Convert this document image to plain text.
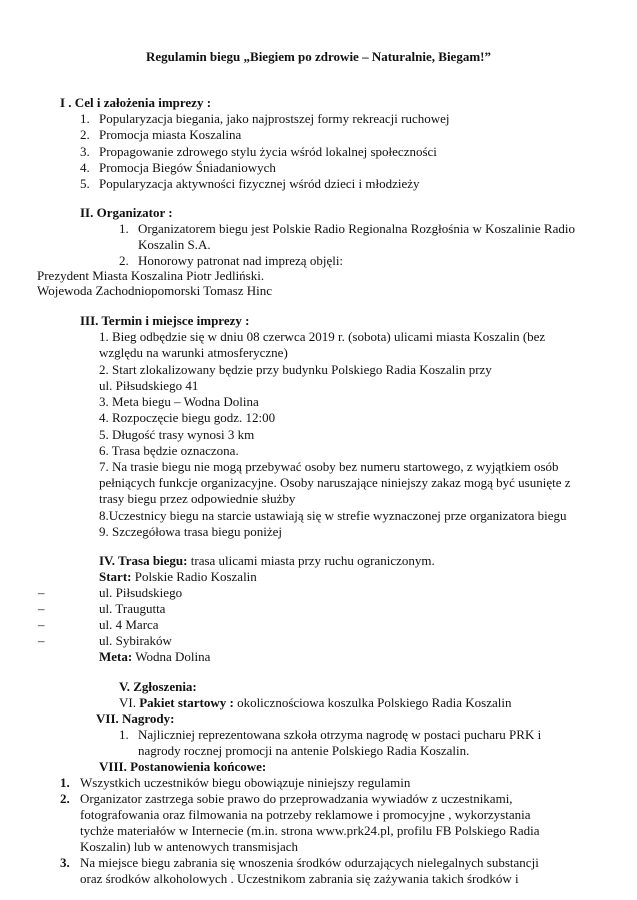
Regulamin biegu „Biegiem po zdrowie – Naturalnie, Biegam!”
I . Cel i założenia imprezy :
1. Popularyzacja biegania, jako najprostszej formy rekreacji ruchowej
2. Promocja miasta Koszalina
3. Propagowanie zdrowego stylu życia wśród lokalnej społeczności
4. Promocja Biegów Śniadaniowych
5. Popularyzacja aktywności fizycznej wśród dzieci i młodzieży
II. Organizator :
1. Organizatorem biegu jest Polskie Radio Regionalna Rozgłośnia w Koszalinie Radio
Koszalin S.A.
2. Honorowy patronat nad imprezą objęli:
Prezydent Miasta Koszalina Piotr Jedliński.
Wojewoda Zachodniopomorski Tomasz Hinc
III. Termin i miejsce imprezy :
1. Bieg odbędzie się w dniu 08 czerwca 2019 r. (sobota) ulicami miasta Koszalin (bez
względu na warunki atmosferyczne)
2. Start zlokalizowany będzie przy budynku Polskiego Radia Koszalin przy
ul. Piłsudskiego 41
3. Meta biegu – Wodna Dolina
4. Rozpoczęcie biegu godz. 12:00
5. Długość trasy wynosi 3 km
6. Trasa będzie oznaczona.
7. Na trasie biegu nie mogą przebywać osoby bez numeru startowego, z wyjątkiem osób
pełniących funkcje organizacyjne. Osoby naruszające niniejszy zakaz mogą być usunięte z
trasy biegu przez odpowiednie służby
8.Uczestnicy biegu na starcie ustawiają się w strefie wyznaczonej prze organizatora biegu
9. Szczegółowa trasa biegu poniżej
IV. Trasa biegu: trasa ulicami miasta przy ruchu ograniczonym.
Start: Polskie Radio Koszalin
–	ul. Piłsudskiego
–	ul. Traugutta
–	ul. 4 Marca
–	ul. Sybiraków
Meta: Wodna Dolina
V. Zgłoszenia:
VI. Pakiet startowy : okolicznościowa koszulka Polskiego Radia Koszalin
VII. Nagrody:
1. Najliczniej reprezentowana szkoła otrzyma nagrodę w postaci pucharu PRK i
nagrody rocznej promocji na antenie Polskiego Radia Koszalin.
VIII. Postanowienia końcowe:
1. Wszystkich uczestników biegu obowiązuje niniejszy regulamin
2. Organizator zastrzega sobie prawo do przeprowadzania wywiadów z uczestnikami,
fotografowania oraz filmowania na potrzeby reklamowe i promocyjne , wykorzystania
tychże materiałów w Internecie (m.in. strona www.prk24.pl, profilu FB Polskiego Radia
Koszalin) lub w antenowych transmisjach
3. Na miejsce biegu zabrania się wnoszenia środków odurzających nielegalnych substancji
oraz środków alkoholowych . Uczestnikom zabrania się zażywania takich środków i
